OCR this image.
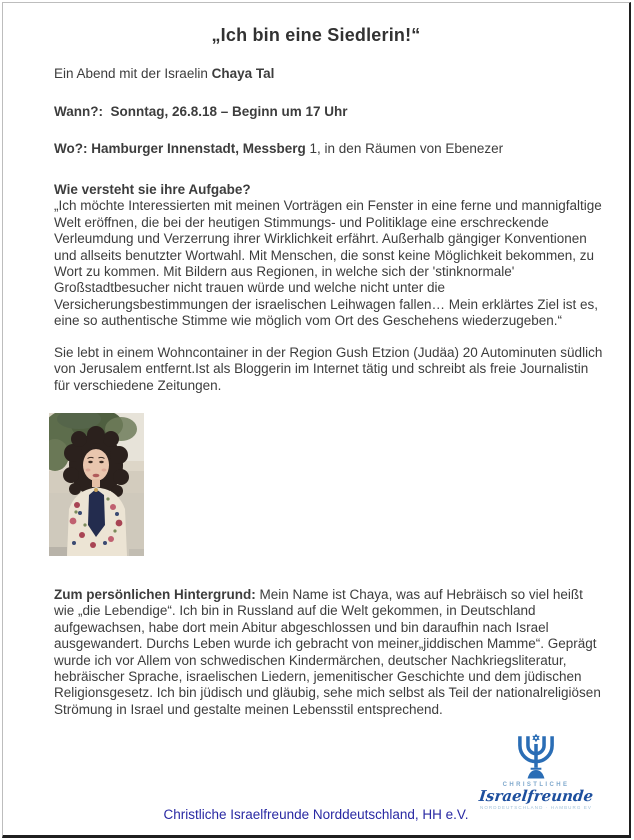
„Ich bin eine Siedlerin!“

Ein Abend mit der Israelin Chaya Tal

Wann?:  Sonntag, 26.8.18 – Beginn um 17 Uhr

Wo?: Hamburger Innenstadt, Messberg 1, in den Räumen von Ebenezer

Wie versteht sie ihre Aufgabe?
„Ich möchte Interessierten mit meinen Vorträgen ein Fenster in eine ferne und mannigfaltige Welt eröffnen, die bei der heutigen Stimmungs- und Politiklage eine erschreckende Verleumdung und Verzerrung ihrer Wirklichkeit erfährt. Außerhalb gängiger Konventionen und allseits benutzter Wortwahl. Mit Menschen, die sonst keine Möglichkeit bekommen, zu Wort zu kommen. Mit Bildern aus Regionen, in welche sich der 'stinknormale' Großstadtbesucher nicht trauen würde und welche nicht unter die Versicherungsbestimmungen der israelischen Leihwagen fallen… Mein erklärtes Ziel ist es, eine so authentische Stimme wie möglich vom Ort des Geschehens wiederzugeben.“

Sie lebt in einem Wohncontainer in der Region Gush Etzion (Judäa) 20 Autominuten südlich von Jerusalem entfernt.Ist als Bloggerin im Internet tätig und schreibt als freie Journalistin für verschiedene Zeitungen.

Zum persönlichen Hintergrund: Mein Name ist Chaya, was auf Hebräisch so viel heißt wie „die Lebendige“. Ich bin in Russland auf die Welt gekommen, in Deutschland aufgewachsen, habe dort mein Abitur abgeschlossen und bin daraufhin nach Israel ausgewandert. Durchs Leben wurde ich gebracht von meiner„jiddischen Mamme“. Geprägt wurde ich vor Allem von schwedischen Kindermärchen, deutscher Nachkriegsliteratur, hebräischer Sprache, israelischen Liedern, jemenitischer Geschichte und dem jüdischen Religionsgesetz. Ich bin jüdisch und gläubig, sehe mich selbst als Teil der nationalreligiösen Strömung in Israel und gestalte meinen Lebensstil entsprechend.

CHRISTLICHE
Israelfreunde
NORDDEUTSCHLAND · HAMBURG EV
Christliche Israelfreunde Norddeutschland, HH e.V.
